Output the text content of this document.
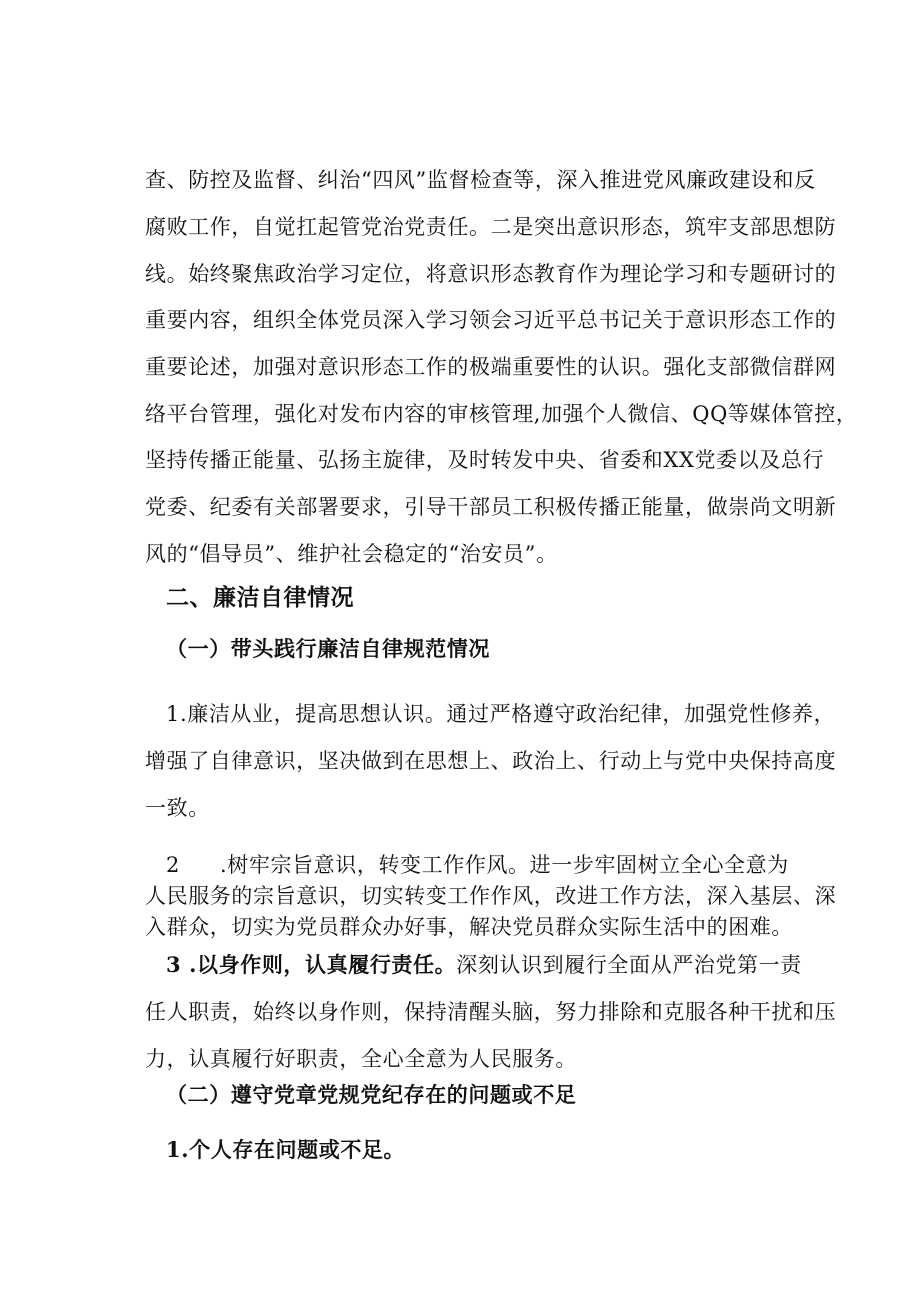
查、防控及监督、纠治“四风”监督检查等，深入推进党风廉政建设和反

腐败工作，自觉扛起管党治党责任。二是突出意识形态，筑牢支部思想防

线。始终聚焦政治学习定位，将意识形态教育作为理论学习和专题研讨的

重要内容，组织全体党员深入学习领会习近平总书记关于意识形态工作的

重要论述，加强对意识形态工作的极端重要性的认识。强化支部微信群网

络平台管理，强化对发布内容的审核管理,加强个人微信、QQ等媒体管控，

坚持传播正能量、弘扬主旋律，及时转发中央、省委和XX党委以及总行

党委、纪委有关部署要求，引导干部员工积极传播正能量，做崇尚文明新

风的“倡导员”、维护社会稳定的“治安员”。

二、廉洁自律情况

（一）带头践行廉洁自律规范情况

1.廉洁从业，提高思想认识。通过严格遵守政治纪律，加强党性修养，

增强了自律意识，坚决做到在思想上、政治上、行动上与党中央保持高度

一致。

2 .树牢宗旨意识，转变工作作风。进一步牢固树立全心全意为

人民服务的宗旨意识，切实转变工作作风，改进工作方法，深入基层、深

入群众，切实为党员群众办好事，解决党员群众实际生活中的困难。

3 .以身作则，认真履行责任。深刻认识到履行全面从严治党第一责

任人职责，始终以身作则，保持清醒头脑，努力排除和克服各种干扰和压

力，认真履行好职责，全心全意为人民服务。

（二）遵守党章党规党纪存在的问题或不足

1.个人存在问题或不足。
